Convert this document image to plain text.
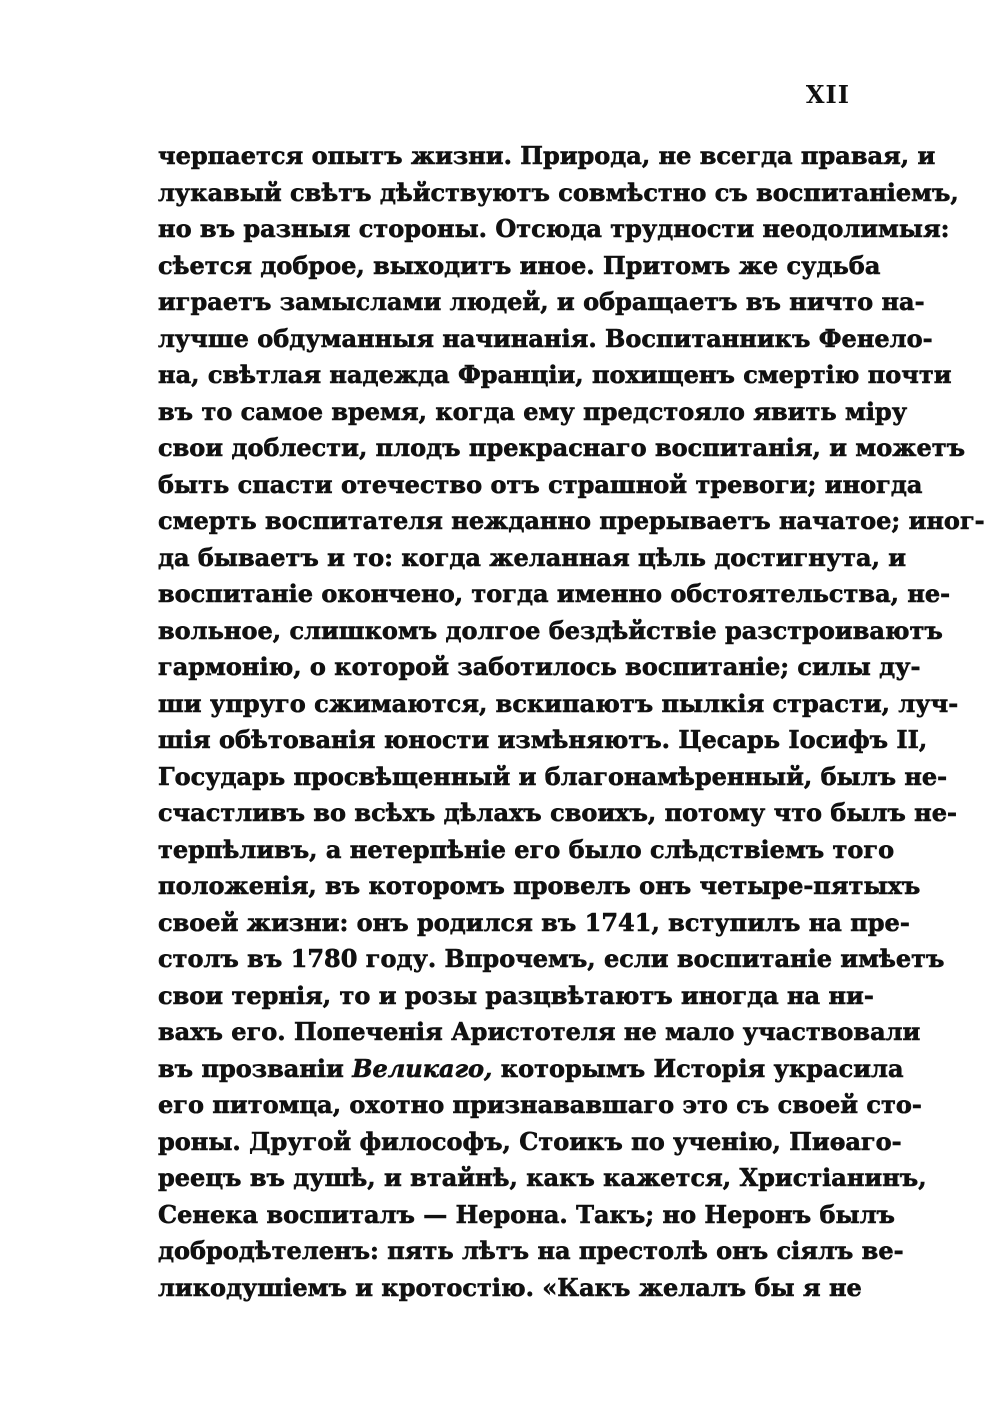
XII
черпается опытъ жизни. Природа, не всегда правая, и
лукавый свѣтъ дѣйствуютъ совмѣстно съ воспитаніемъ,
но въ разныя стороны. Отсюда трудности неодолимыя:
сѣется доброе, выходитъ иное. Притомъ же судьба
играетъ замыслами людей, и обращаетъ въ ничто на-
лучше обдуманныя начинанія. Воспитанникъ Фенело-
на, свѣтлая надежда Франціи, похищенъ смертію почти
въ то самое время, когда ему предстояло явить міру
свои доблести, плодъ прекраснаго воспитанія, и можетъ
быть спасти отечество отъ страшной тревоги; иногда
смерть воспитателя нежданно прерываетъ начатое; иног-
да бываетъ и то: когда желанная цѣль достигнута, и
воспитаніе окончено, тогда именно обстоятельства, не-
вольное, слишкомъ долгое бездѣйствіе разстроиваютъ
гармонію, о которой заботилось воспитаніе; силы ду-
ши упруго сжимаются, вскипаютъ пылкія страсти, луч-
шія обѣтованія юности измѣняютъ. Цесарь Іосифъ II,
Государь просвѣщенный и благонамѣренный, былъ не-
счастливъ во всѣхъ дѣлахъ своихъ, потому что былъ не-
терпѣливъ, а нетерпѣніе его было слѣдствіемъ того
положенія, въ которомъ провелъ онъ четыре-пятыхъ
своей жизни: онъ родился въ 1741, вступилъ на пре-
столъ въ 1780 году. Впрочемъ, если воспитаніе имѣетъ
свои тернія, то и розы разцвѣтаютъ иногда на ни-
вахъ его. Попеченія Аристотеля не мало участвовали
въ прозваніи Великаго, которымъ Исторія украсила
его питомца, охотно признававшаго это съ своей сто-
роны. Другой философъ, Стоикъ по ученію, Пиѳаго-
реецъ въ душѣ, и втайнѣ, какъ кажется, Христіанинъ,
Сенека воспиталъ — Нерона. Такъ; но Неронъ былъ
добродѣтеленъ: пять лѣтъ на престолѣ онъ сіялъ ве-
ликодушіемъ и кротостію. «Какъ желалъ бы я не
